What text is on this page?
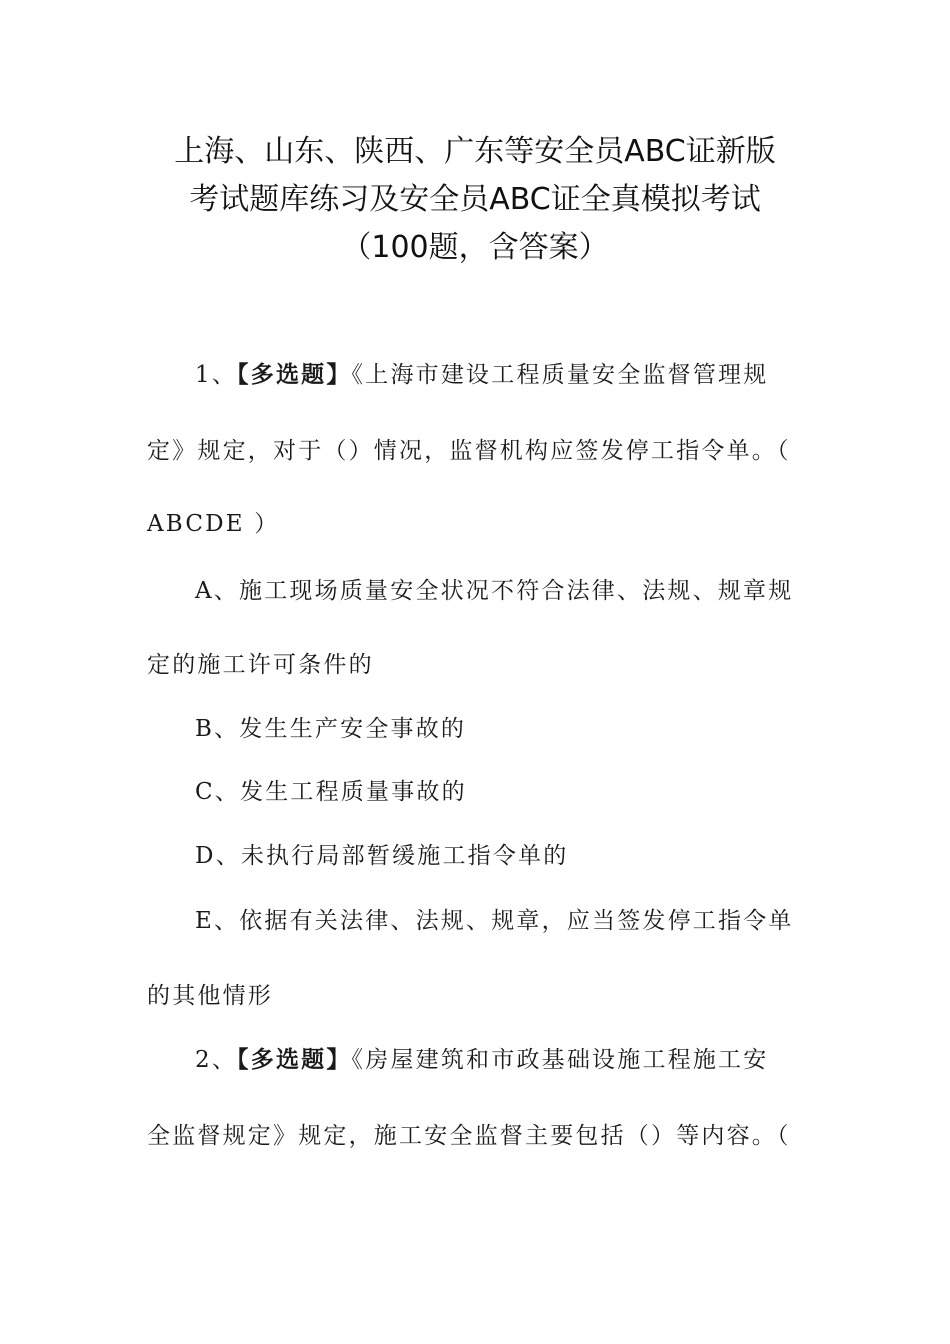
上海、山东、陕西、广东等安全员ABC证新版
考试题库练习及安全员ABC证全真模拟考试
（100题，含答案）
1、【多选题】《上海市建设工程质量安全监督管理规
定》规定，对于（）情况，监督机构应签发停工指令单。（
ABCDE ）
A、施工现场质量安全状况不符合法律、法规、规章规
定的施工许可条件的
B、发生生产安全事故的
C、发生工程质量事故的
D、未执行局部暂缓施工指令单的
E、依据有关法律、法规、规章，应当签发停工指令单
的其他情形
2、【多选题】《房屋建筑和市政基础设施工程施工安
全监督规定》规定，施工安全监督主要包括（）等内容。（
